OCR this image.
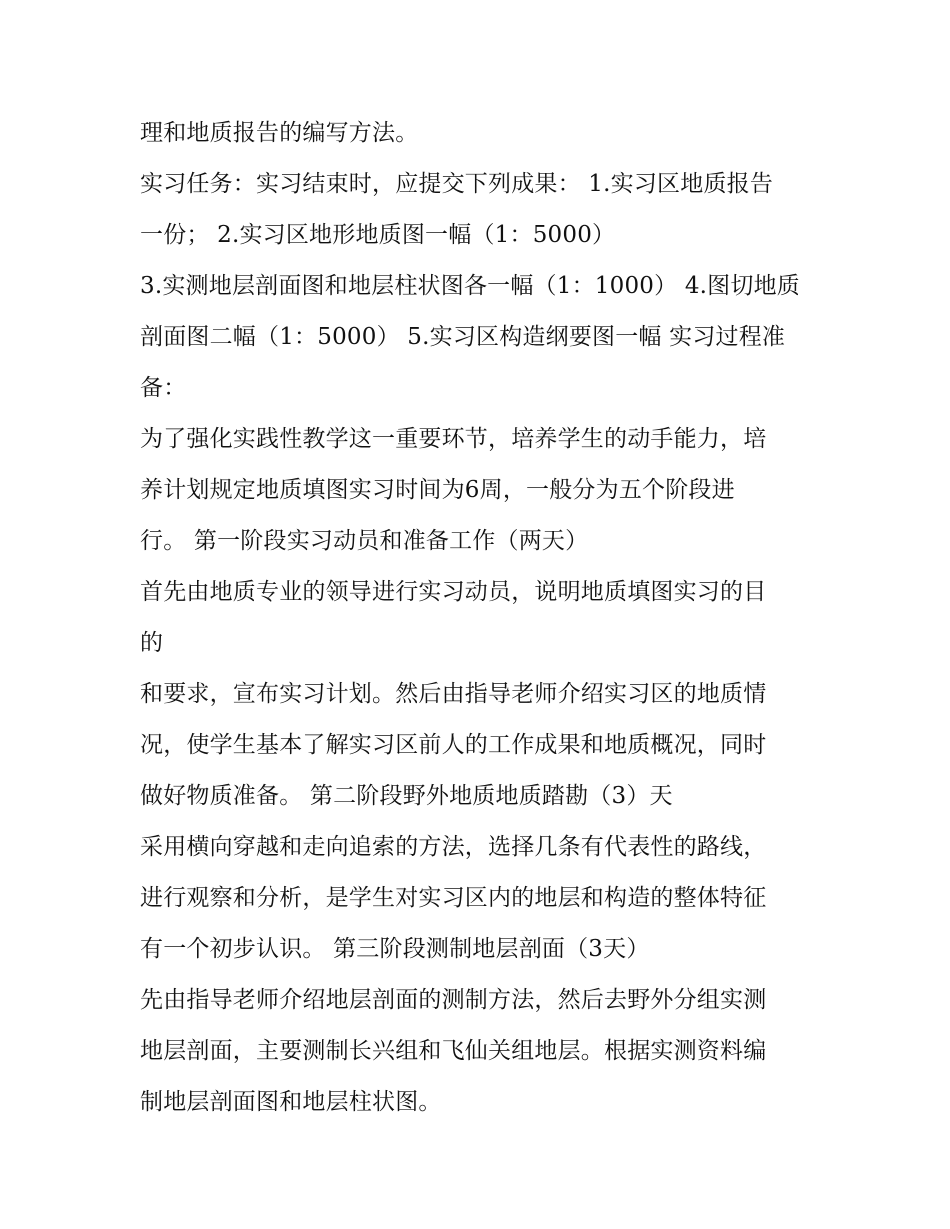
理和地质报告的编写方法。
实习任务：实习结束时，应提交下列成果： 1.实习区地质报告
一份； 2.实习区地形地质图一幅（1：5000）
3.实测地层剖面图和地层柱状图各一幅（1：1000） 4.图切地质
剖面图二幅（1：5000） 5.实习区构造纲要图一幅 实习过程准
备：
为了强化实践性教学这一重要环节，培养学生的动手能力，培
养计划规定地质填图实习时间为6周，一般分为五个阶段进
行。 第一阶段实习动员和准备工作（两天）
首先由地质专业的领导进行实习动员，说明地质填图实习的目
的
和要求，宣布实习计划。然后由指导老师介绍实习区的地质情
况，使学生基本了解实习区前人的工作成果和地质概况，同时
做好物质准备。 第二阶段野外地质地质踏勘（3）天
采用横向穿越和走向追索的方法，选择几条有代表性的路线，
进行观察和分析，是学生对实习区内的地层和构造的整体特征
有一个初步认识。 第三阶段测制地层剖面（3天）
先由指导老师介绍地层剖面的测制方法，然后去野外分组实测
地层剖面，主要测制长兴组和飞仙关组地层。根据实测资料编
制地层剖面图和地层柱状图。
